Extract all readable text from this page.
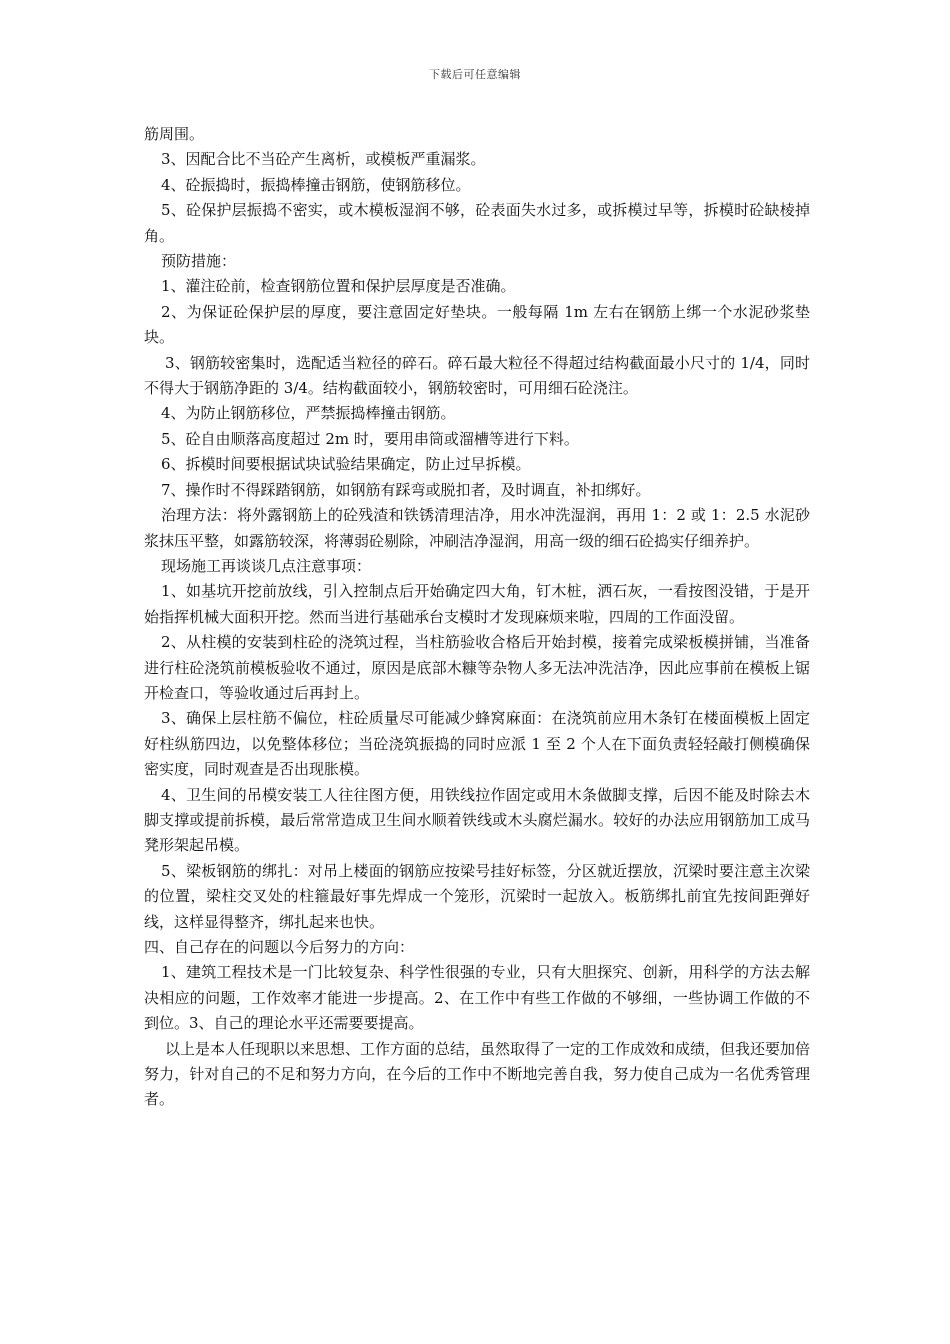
下载后可任意编辑

筋周围。

3、因配合比不当砼产生离析，或模板严重漏浆。

4、砼振捣时，振捣棒撞击钢筋，使钢筋移位。

5、砼保护层振捣不密实，或木模板湿润不够，砼表面失水过多，或拆模过早等，拆模时砼缺棱掉角。

预防措施：

1、灌注砼前，检查钢筋位置和保护层厚度是否准确。

2、为保证砼保护层的厚度，要注意固定好垫块。一般每隔 1m 左右在钢筋上绑一个水泥砂浆垫块。

3、钢筋较密集时，选配适当粒径的碎石。碎石最大粒径不得超过结构截面最小尺寸的 1/4，同时不得大于钢筋净距的 3/4。结构截面较小，钢筋较密时，可用细石砼浇注。

4、为防止钢筋移位，严禁振捣棒撞击钢筋。

5、砼自由顺落高度超过 2m 时，要用串筒或溜槽等进行下料。

6、拆模时间要根据试块试验结果确定，防止过早拆模。

7、操作时不得踩踏钢筋，如钢筋有踩弯或脱扣者，及时调直，补扣绑好。

治理方法：将外露钢筋上的砼残渣和铁锈清理洁净，用水冲洗湿润，再用 1：2 或 1：2.5 水泥砂浆抹压平整，如露筋较深，将薄弱砼剔除，冲刷洁净湿润，用高一级的细石砼捣实仔细养护。

现场施工再谈谈几点注意事项：

1、如基坑开挖前放线，引入控制点后开始确定四大角，钉木桩，洒石灰，一看按图没错，于是开始指挥机械大面积开挖。然而当进行基础承台支模时才发现麻烦来啦，四周的工作面没留。

2、从柱模的安装到柱砼的浇筑过程，当柱筋验收合格后开始封模，接着完成梁板模拼铺，当准备进行柱砼浇筑前模板验收不通过，原因是底部木糠等杂物人多无法冲洗洁净，因此应事前在模板上锯开检查口，等验收通过后再封上。

3、确保上层柱筋不偏位，柱砼质量尽可能减少蜂窝麻面：在浇筑前应用木条钉在楼面模板上固定好柱纵筋四边，以免整体移位；当砼浇筑振捣的同时应派 1 至 2 个人在下面负责轻轻敲打侧模确保密实度，同时观查是否出现胀模。

4、卫生间的吊模安装工人往往图方便，用铁线拉作固定或用木条做脚支撑，后因不能及时除去木脚支撑或提前拆模，最后常常造成卫生间水顺着铁线或木头腐烂漏水。较好的办法应用钢筋加工成马凳形架起吊模。

5、梁板钢筋的绑扎：对吊上楼面的钢筋应按梁号挂好标签，分区就近摆放，沉梁时要注意主次梁的位置，梁柱交叉处的柱箍最好事先焊成一个笼形，沉梁时一起放入。板筋绑扎前宜先按间距弹好线，这样显得整齐，绑扎起来也快。

四、自己存在的问题以今后努力的方向：

1、建筑工程技术是一门比较复杂、科学性很强的专业，只有大胆探究、创新，用科学的方法去解决相应的问题，工作效率才能进一步提高。2、在工作中有些工作做的不够细，一些协调工作做的不到位。3、自己的理论水平还需要要提高。

以上是本人任现职以来思想、工作方面的总结，虽然取得了一定的工作成效和成绩，但我还要加倍努力，针对自己的不足和努力方向，在今后的工作中不断地完善自我，努力使自己成为一名优秀管理者。
